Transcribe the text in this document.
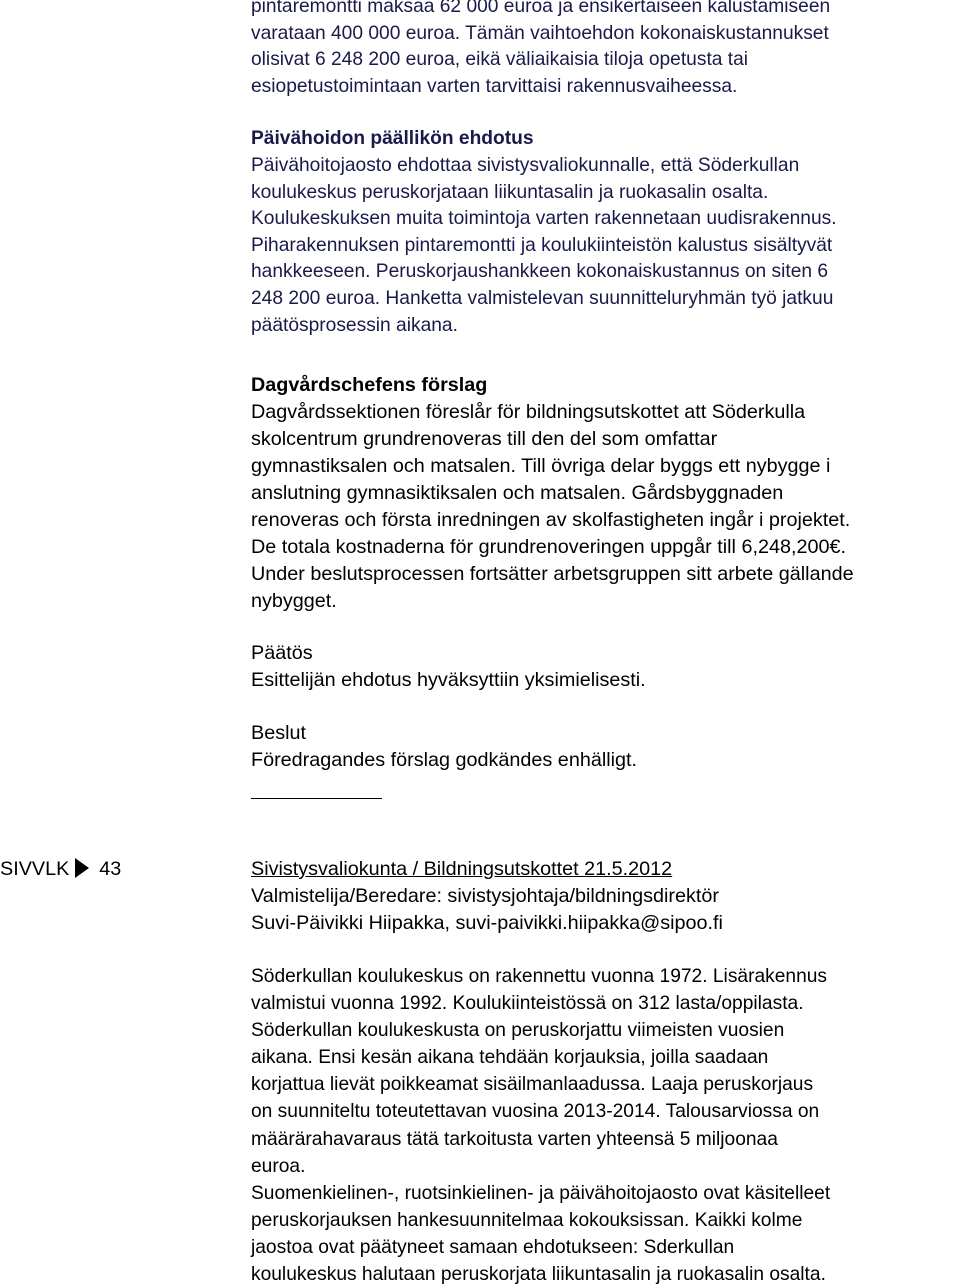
pintaremontti maksaa 62 000 euroa ja ensikertaiseen kalustamiseen

varataan 400 000 euroa. Tämän vaihtoehdon kokonaiskustannukset

olisivat 6 248 200 euroa, eikä väliaikaisia tiloja opetusta tai

esiopetustoimintaan varten tarvittaisi rakennusvaiheessa.

Päivähoidon päällikön ehdotus

Päivähoitojaosto ehdottaa sivistysvaliokunnalle, että Söderkullan

koulukeskus peruskorjataan liikuntasalin ja ruokasalin osalta.

Koulukeskuksen muita toimintoja varten rakennetaan uudisrakennus.

Piharakennuksen pintaremontti ja koulukiinteistön kalustus sisältyvät

hankkeeseen. Peruskorjaushankkeen kokonaiskustannus on siten 6

248 200 euroa. Hanketta valmistelevan suunnitteluryhmän työ jatkuu

päätösprosessin aikana.

Dagvårdschefens förslag

Dagvårdssektionen föreslår för bildningsutskottet att Söderkulla

skolcentrum grundrenoveras till den del som omfattar

gymnastiksalen och matsalen. Till övriga delar byggs ett nybygge i

anslutning gymnasiktiksalen och matsalen. Gårdsbyggnaden

renoveras och första inredningen av skolfastigheten ingår i projektet.

De totala kostnaderna för grundrenoveringen uppgår till 6,248,200€.

Under beslutsprocessen fortsätter arbetsgruppen sitt arbete gällande

nybygget.

Päätös

Esittelijän ehdotus hyväksyttiin yksimielisesti.

Beslut

Föredragandes förslag godkändes enhälligt.

SIVVLK 43	Sivistysvaliokunta / Bildningsutskottet 21.5.2012

Valmistelija/Beredare: sivistysjohtaja/bildningsdirektör

Suvi-Päivikki Hiipakka, suvi-paivikki.hiipakka@sipoo.fi

Söderkullan koulukeskus on rakennettu vuonna 1972. Lisärakennus

valmistui vuonna 1992. Koulukiinteistössä on 312 lasta/oppilasta.

Söderkullan koulukeskusta on peruskorjattu viimeisten vuosien

aikana. Ensi kesän aikana tehdään korjauksia, joilla saadaan

korjattua lievät poikkeamat sisäilmanlaadussa. Laaja peruskorjaus

on suunniteltu toteutettavan vuosina 2013-2014. Talousarviossa on

määrärahavaraus tätä tarkoitusta varten yhteensä 5 miljoonaa

euroa.

Suomenkielinen-, ruotsinkielinen- ja päivähoitojaosto ovat käsitelleet

peruskorjauksen hankesuunnitelmaa kokouksissan. Kaikki kolme

jaostoa ovat päätyneet samaan ehdotukseen: Sderkullan

koulukeskus halutaan peruskorjata liikuntasalin ja ruokasalin osalta.
